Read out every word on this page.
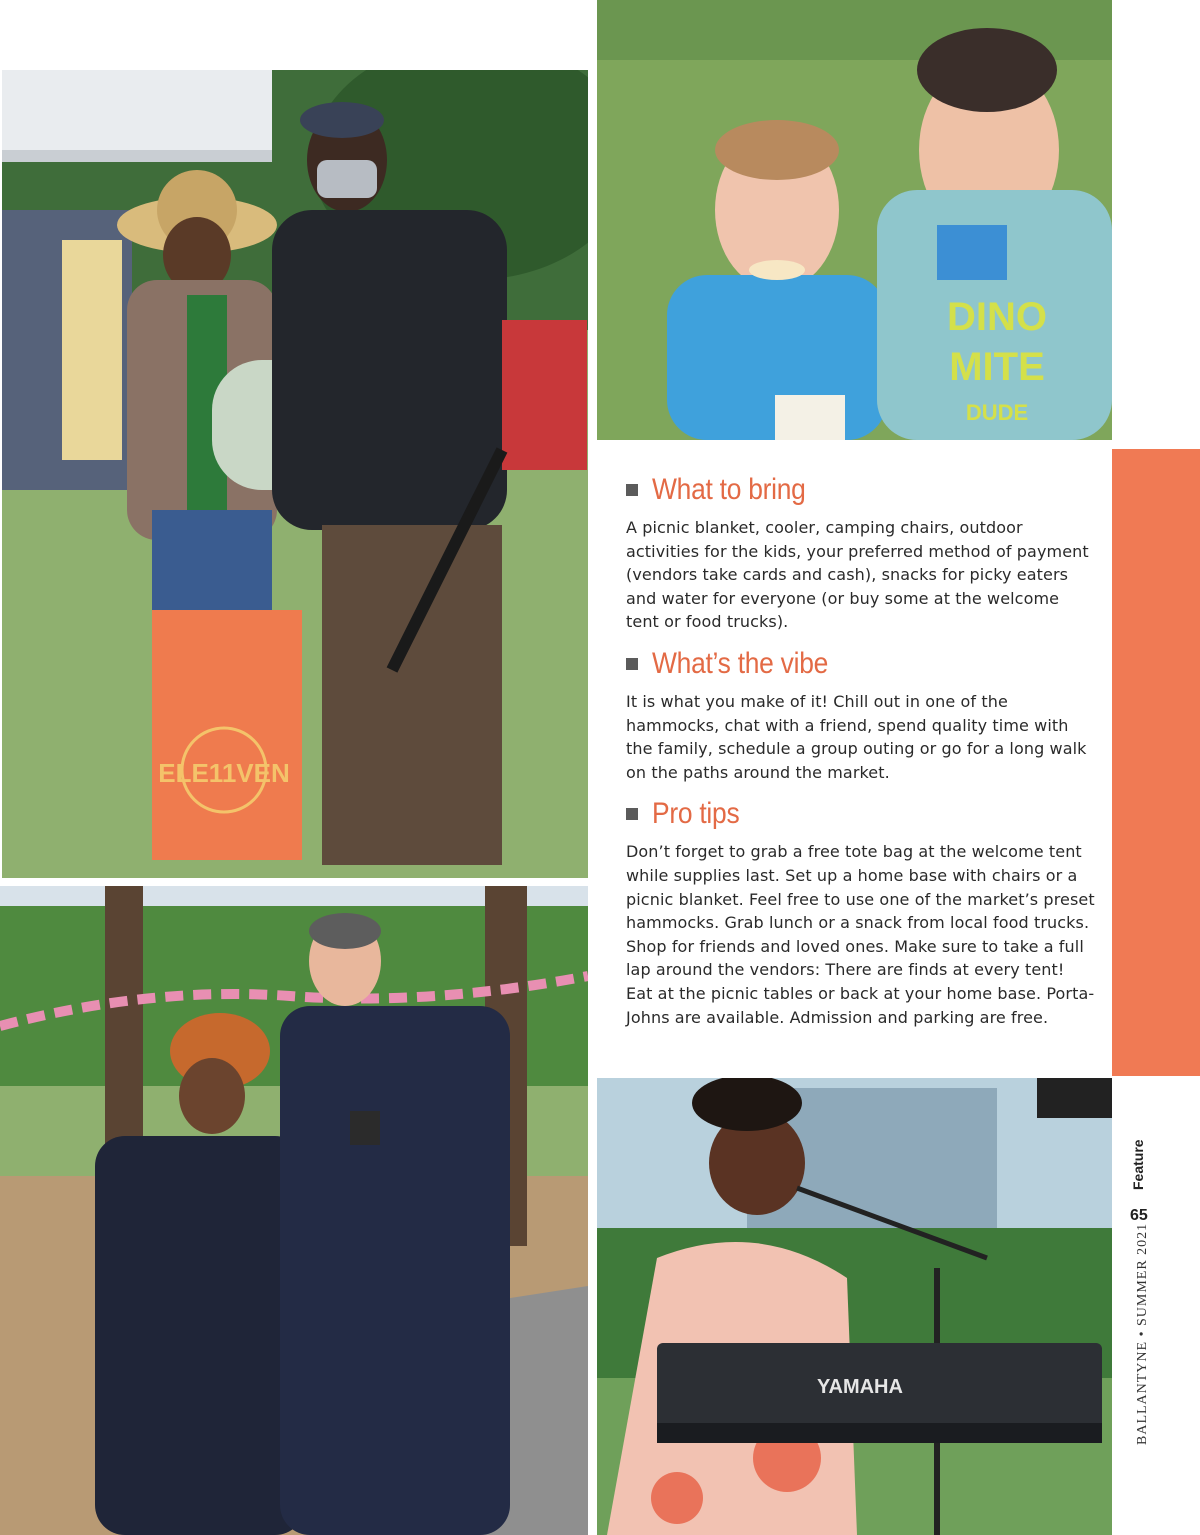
ELE11VEN
DINO
MITE
DUDE
YAMAHA
What to bring

A picnic blanket, cooler, camping chairs, outdoor activities for the kids, your preferred method of payment (vendors take cards and cash), snacks for picky eaters and water for everyone (or buy some at the welcome tent or food trucks).

What’s the vibe

It is what you make of it! Chill out in one of the hammocks, chat with a friend, spend quality time with the family, schedule a group outing or go for a long walk on the paths around the market.

Pro tips

Don’t forget to grab a free tote bag at the welcome tent while supplies last. Set up a home base with chairs or a picnic blanket. Feel free to use one of the market’s preset hammocks. Grab lunch or a snack from local food trucks. Shop for friends and loved ones. Make sure to take a full lap around the vendors: There are finds at every tent! Eat at the picnic tables or back at your home base. Porta-Johns are available. Admission and parking are free.

Feature
65
BALLANTYNE • SUMMER 2021
